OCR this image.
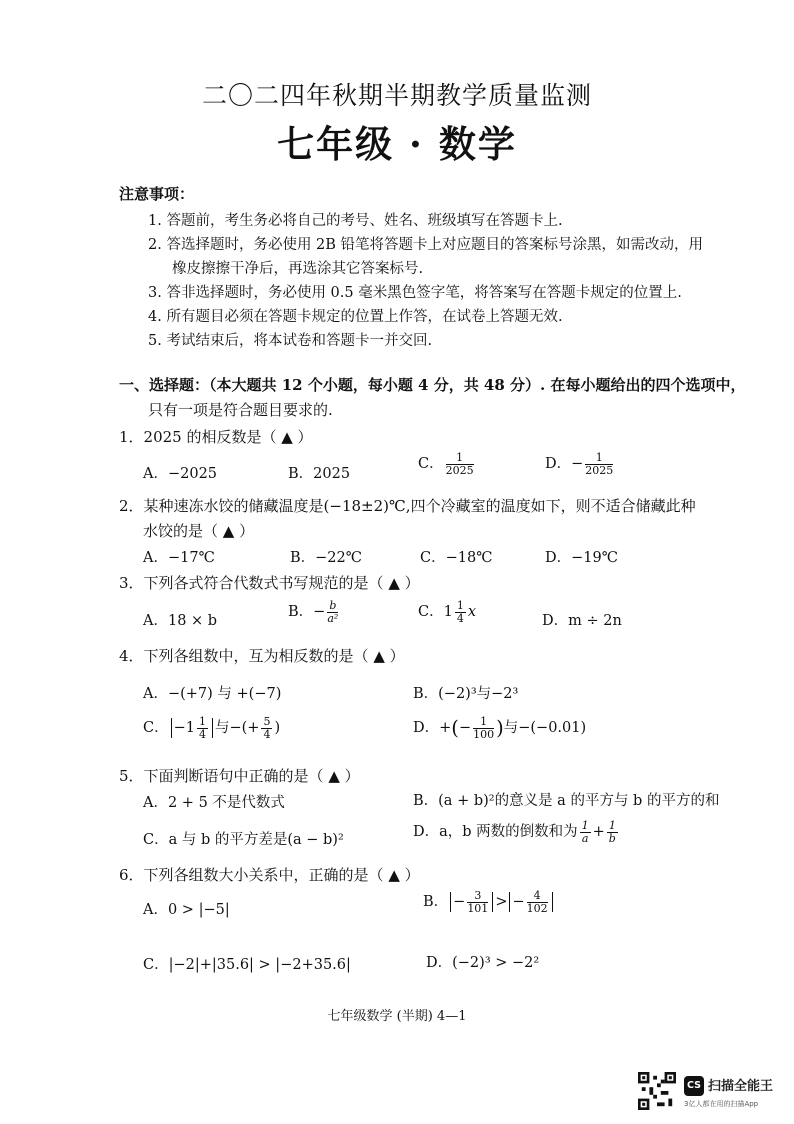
二〇二四年秋期半期教学质量监测
七年级 · 数学
注意事项：
1. 答题前，考生务必将自己的考号、姓名、班级填写在答题卡上.
2. 答选择题时，务必使用 2B 铅笔将答题卡上对应题目的答案标号涂黑，如需改动，用
橡皮擦擦干净后，再选涂其它答案标号.
3. 答非选择题时，务必使用 0.5 毫米黑色签字笔，将答案写在答题卡规定的位置上.
4. 所有题目必须在答题卡规定的位置上作答，在试卷上答题无效.
5. 考试结束后，将本试卷和答题卡一并交回.
一、选择题：（本大题共 12 个小题，每小题 4 分，共 48 分）. 在每小题给出的四个选项中，
只有一项是符合题目要求的.
1．2025 的相反数是（ ▲ ）
A．−2025	B．2025
C． $\frac{1}{2025}$	D．− $\frac{1}{2025}$
2．某种速冻水饺的储藏温度是(−18±2)℃,四个冷藏室的温度如下，则不适合储藏此种
水饺的是（ ▲ ）
A．−17℃	B．−22℃	C．−18℃	D．−19℃
3．下列各式符合代数式书写规范的是（ ▲ ）
A．18 × b
B．− $\frac{b}{\text{a²}}$	C．$1 \frac{1}{4}$ x
D．m ÷ 2n
4．下列各组数中，互为相反数的是（ ▲ ）
A．−(+7) 与 +(−7)	B．(−2)³与−2³
C． $-1 \frac{1}{4}$ 与−(+ $\frac{5}{4}$ )	D．+(− $\frac{1}{100}$ )与−(−0.01)
5．下面判断语句中正确的是（ ▲ ）
A．2 + 5 不是代数式	B．(a + b)²的意义是 a 的平方与 b 的平方的和
C．a 与 b 的平方差是(a − b)²	D．a，b 两数的倒数和为 $\frac{1}{a} + \frac{1}{b}$
6．下列各组数大小关系中，正确的是（ ▲ ）
A．0 > |−5|	B． − $\frac{3}{101}$ > − $\frac{4}{102}$
C．|−2|+|35.6| > |−2+35.6|	D．(−2)³ > −2²
七年级数学 (半期) 4—1
CS 扫描全能王
3亿人都在用的扫描App
